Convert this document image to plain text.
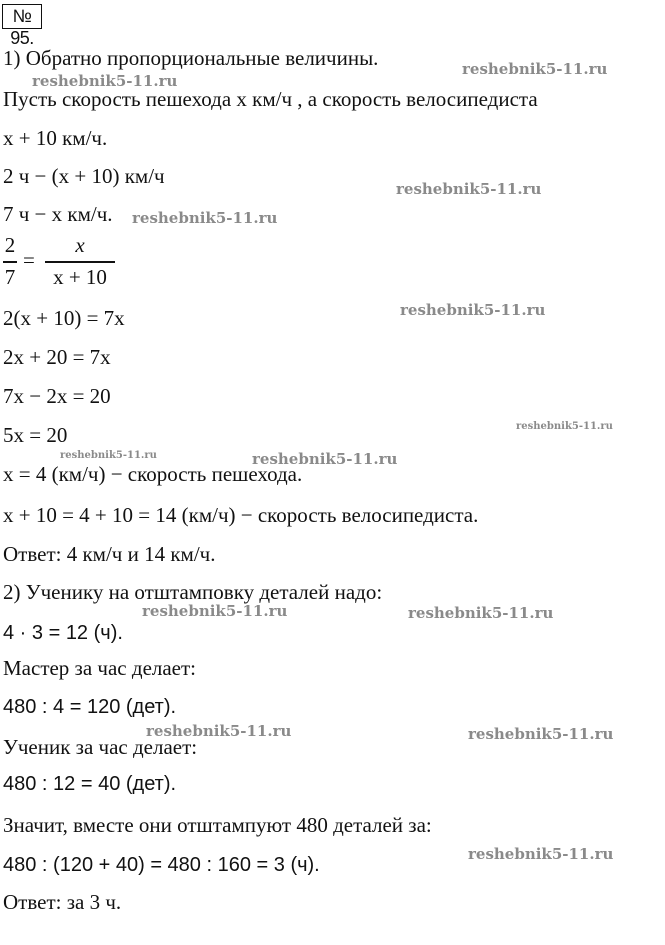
№ 95.
1) Обратно пропорциональные величины.
Пусть скорость пешехода x км/ч , а скорость велосипедиста
x + 10 км/ч.
2 ч − (x + 10) км/ч
7 ч − x км/ч.
2
7
=
x
x + 10
2(x + 10) = 7x
2x + 20 = 7x
7x − 2x = 20
5x = 20
x = 4 (км/ч) − скорость пешехода.
x + 10 = 4 + 10 = 14 (км/ч) − скорость велосипедиста.
Ответ: 4 км/ч и 14 км/ч.
2) Ученику на отштамповку деталей надо:
4 · 3 = 12 (ч).
Мастер за час делает:
480 : 4 = 120 (дет).
Ученик за час делает:
480 : 12 = 40 (дет).
Значит, вместе они отштампуют 480 деталей за:
480 : (120 + 40) = 480 : 160 = 3 (ч).
Ответ: за 3 ч.
reshebnik5-11.ru
reshebnik5-11.ru
reshebnik5-11.ru
reshebnik5-11.ru
reshebnik5-11.ru
reshebnik5-11.ru
reshebnik5-11.ru	reshebnik5-11.ru
reshebnik5-11.ru	reshebnik5-11.ru
reshebnik5-11.ru	reshebnik5-11.ru
reshebnik5-11.ru
